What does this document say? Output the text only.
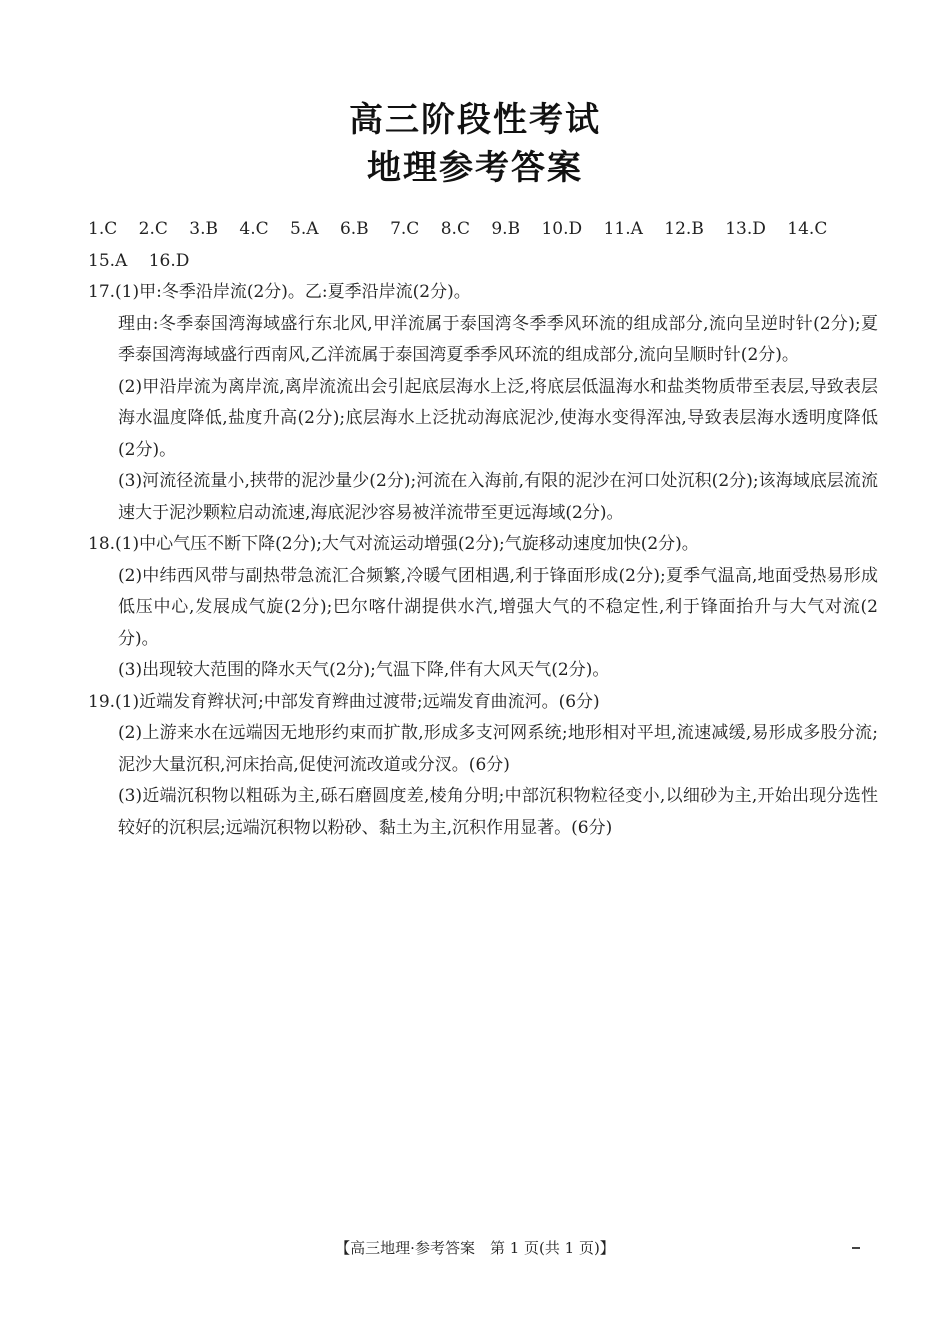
高三阶段性考试
地理参考答案
1.C 2.C 3.B 4.C 5.A 6.B 7.C 8.C 9.B 10.D 11.A 12.B 13.D 14.C
15.A 16.D
17.(1)甲:冬季沿岸流(2分)。乙:夏季沿岸流(2分)。
理由:冬季泰国湾海域盛行东北风,甲洋流属于泰国湾冬季季风环流的组成部分,流向呈逆时针(2分);夏季泰国湾海域盛行西南风,乙洋流属于泰国湾夏季季风环流的组成部分,流向呈顺时针(2分)。
(2)甲沿岸流为离岸流,离岸流流出会引起底层海水上泛,将底层低温海水和盐类物质带至表层,导致表层海水温度降低,盐度升高(2分);底层海水上泛扰动海底泥沙,使海水变得浑浊,导致表层海水透明度降低(2分)。
(3)河流径流量小,挟带的泥沙量少(2分);河流在入海前,有限的泥沙在河口处沉积(2分);该海域底层流流速大于泥沙颗粒启动流速,海底泥沙容易被洋流带至更远海域(2分)。
18.(1)中心气压不断下降(2分);大气对流运动增强(2分);气旋移动速度加快(2分)。
(2)中纬西风带与副热带急流汇合频繁,冷暖气团相遇,利于锋面形成(2分);夏季气温高,地面受热易形成低压中心,发展成气旋(2分);巴尔喀什湖提供水汽,增强大气的不稳定性,利于锋面抬升与大气对流(2分)。
(3)出现较大范围的降水天气(2分);气温下降,伴有大风天气(2分)。
19.(1)近端发育辫状河;中部发育辫曲过渡带;远端发育曲流河。(6分)
(2)上游来水在远端因无地形约束而扩散,形成多支河网系统;地形相对平坦,流速减缓,易形成多股分流;泥沙大量沉积,河床抬高,促使河流改道或分汊。(6分)
(3)近端沉积物以粗砾为主,砾石磨圆度差,棱角分明;中部沉积物粒径变小,以细砂为主,开始出现分选性较好的沉积层;远端沉积物以粉砂、黏土为主,沉积作用显著。(6分)
【高三地理·参考答案　第 1 页(共 1 页)】
